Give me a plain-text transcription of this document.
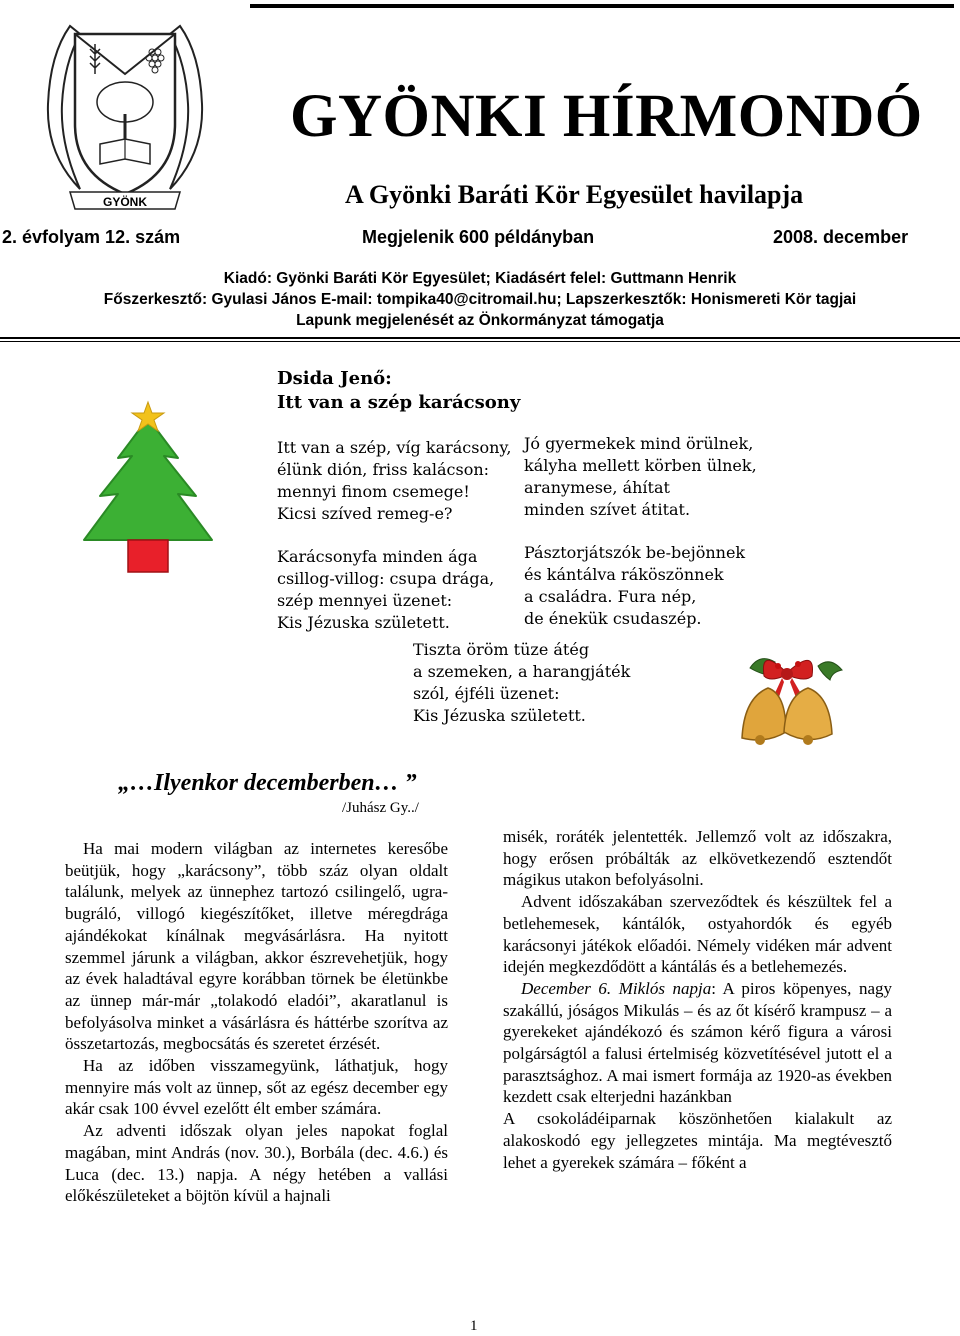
GYÖNK
GYÖNKI HÍRMONDÓ
A Gyönki Baráti Kör Egyesület havilapja
2. évfolyam 12. szám	Megjelenik 600 példányban	2008. december
Kiadó: Gyönki Baráti Kör Egyesület; Kiadásért felel: Guttmann Henrik
Főszerkesztő: Gyulasi János E-mail: tompika40@citromail.hu; Lapszerkesztők: Honismereti Kör tagjai
Lapunk megjelenését az Önkormányzat támogatja
Dsida Jenő:
Itt van a szép karácsony
Itt van a szép, víg karácsony,
élünk dión, friss kalácson:
mennyi finom csemege!
Kicsi szíved remeg-e?
Karácsonyfa minden ága
csillog-villog: csupa drága,
szép mennyei üzenet:
Kis Jézuska született.
Jó gyermekek mind örülnek,
kályha mellett körben ülnek,
aranymese, áhítat
minden szívet átitat.
Pásztorjátszók be-bejönnek
és kántálva ráköszönnek
a családra. Fura nép,
de énekük csudaszép.
Tiszta öröm tüze átég
a szemeken, a harangjáték
szól, éjféli üzenet:
Kis Jézuska született.
„…Ilyenkor decemberben… ”
/Juhász Gy../

Ha mai modern világban az internetes keresőbe beütjük, hogy „karácsony”, több száz olyan oldalt találunk, melyek az ünnephez tartozó csilingelő, ugra-bugráló, villogó kiegészítőket, illetve méregdrága ajándékokat kínálnak megvásárlásra. Ha nyitott szemmel járunk a világban, akkor észrevehetjük, hogy az évek haladtával egyre korábban törnek be életünkbe az ünnep már-már „tolakodó eladói”, akaratlanul is befolyásolva minket a vásárlásra és háttérbe szorítva az összetartozás, megbocsátás és szeretet érzését.

Ha az időben visszamegyünk, láthatjuk, hogy mennyire más volt az ünnep, sőt az egész december egy akár csak 100 évvel ezelőtt élt ember számára.

Az adventi időszak olyan jeles napokat foglal magában, mint András (nov. 30.), Borbála (dec. 4.6.) és Luca (dec. 13.) napja. A négy hetében a vallási előkészületeket a böjtön kívül a hajnali

misék, roráték jelentették. Jellemző volt az időszakra, hogy erősen próbálták az elkövetkezendő esztendőt mágikus utakon befolyásolni.

Advent időszakában szerveződtek és készültek fel a betlehemesek, kántálók, ostyahordók és egyéb karácsonyi játékok előadói. Némely vidéken már advent idején megkezdődött a kántálás és a betlehemezés.

December 6. Miklós napja: A piros köpenyes, nagy szakállú, jóságos Mikulás – és az őt kísérő krampusz – a gyerekeket ajándékozó és számon kérő figura a városi polgárságtól a falusi értelmiség közvetítésével jutott el a parasztsághoz. A mai ismert formája az 1920-as években kezdett csak elterjedni hazánkban

A csokoládéiparnak köszönhetően kialakult az alakoskodó egy jellegzetes mintája. Ma megtévesztő lehet a gyerekek számára – főként a

1
